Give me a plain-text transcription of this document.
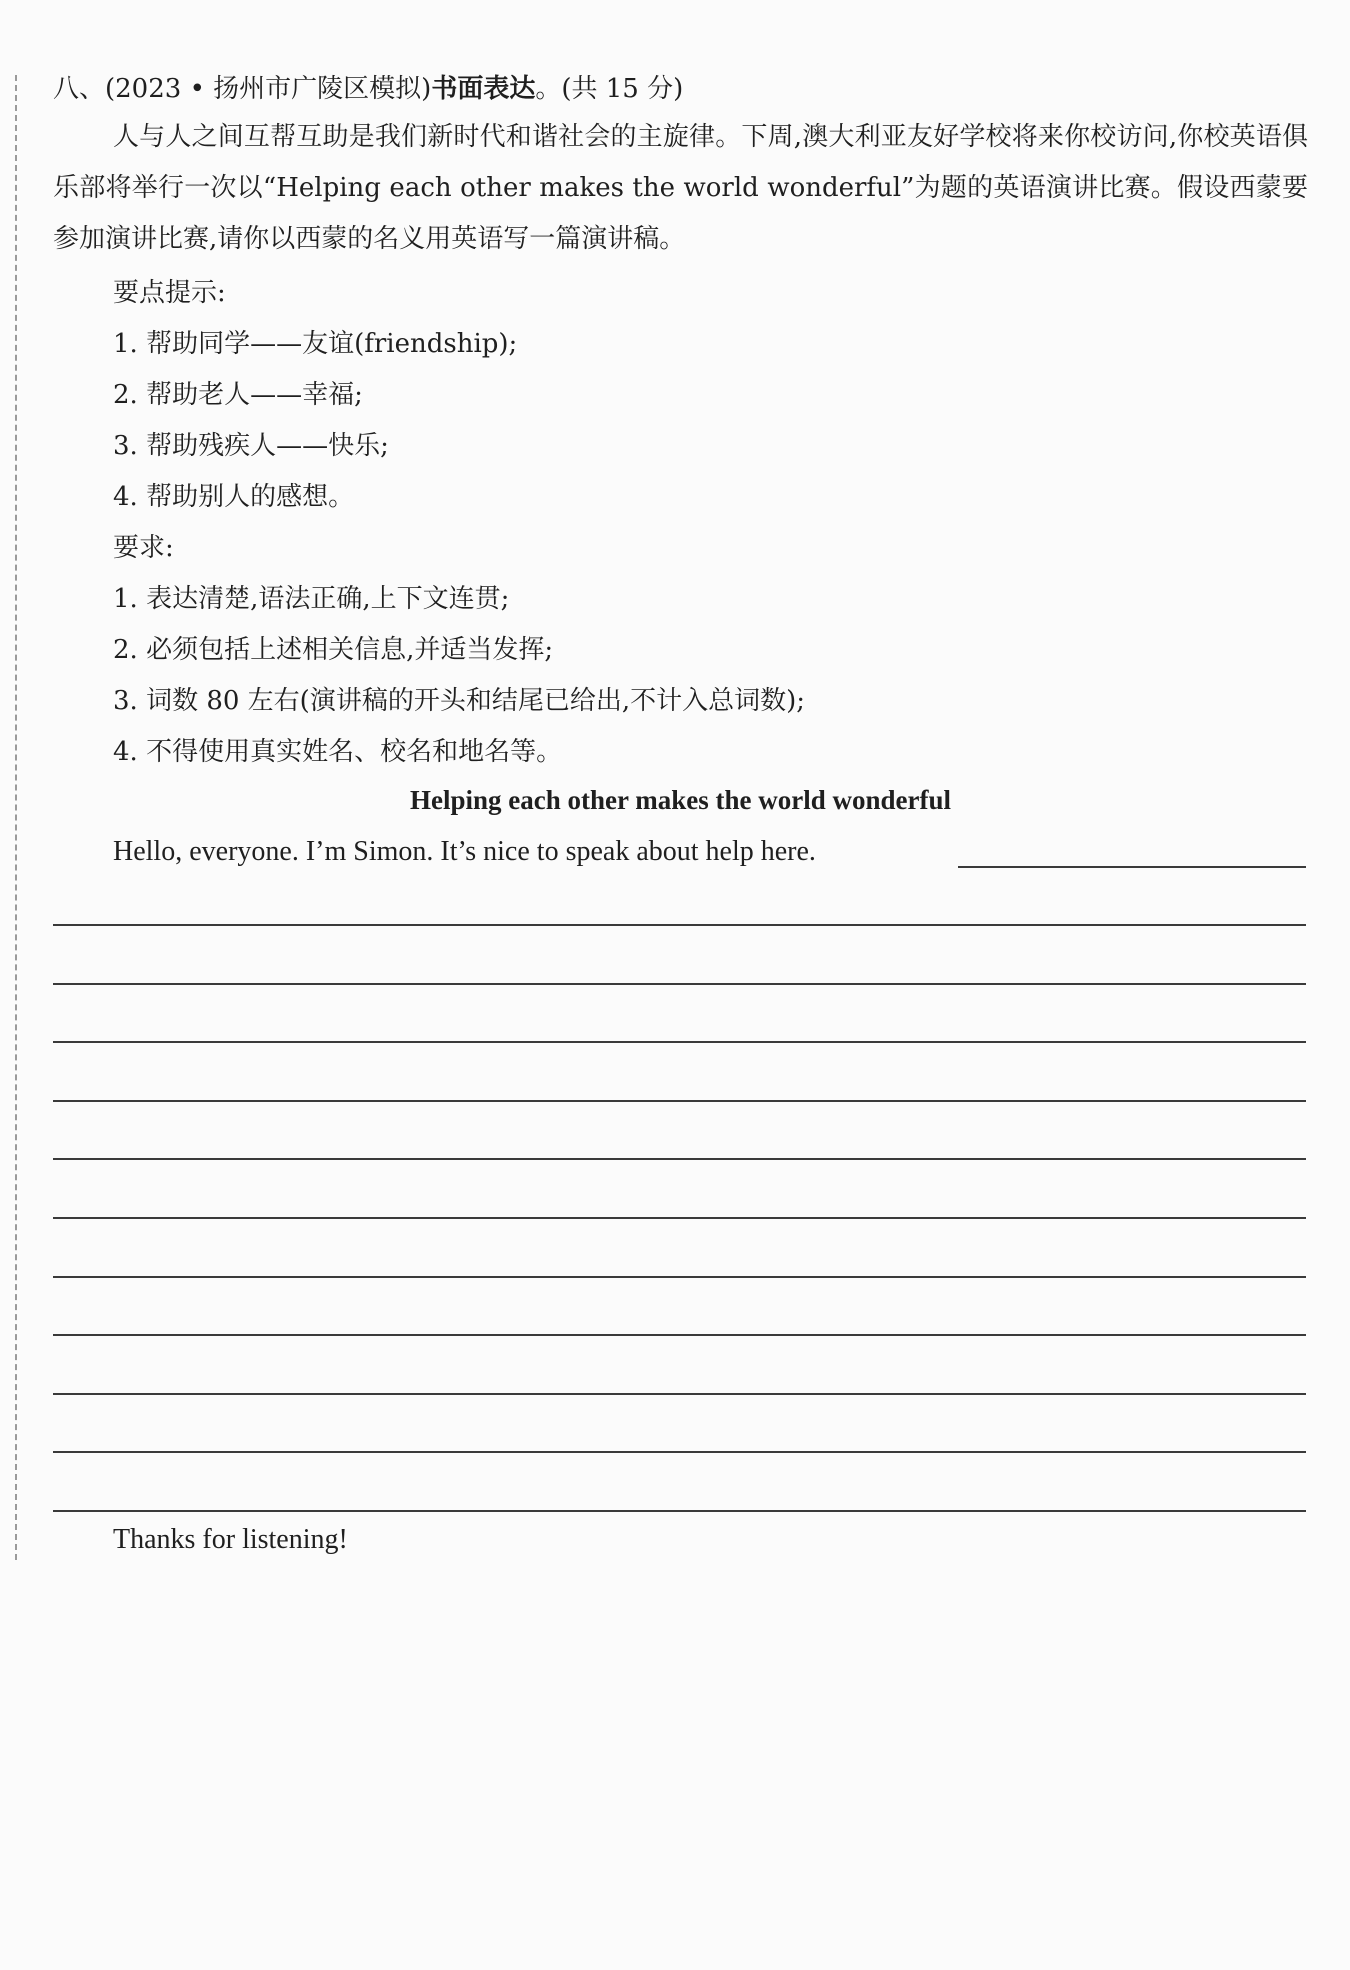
八、(2023 • 扬州市广陵区模拟)书面表达。(共 15 分)
人与人之间互帮互助是我们新时代和谐社会的主旋律。下周,澳大利亚友好学校将来你校访问,你校英语俱乐部将举行一次以“Helping each other makes the world wonderful”为题的英语演讲比赛。假设西蒙要参加演讲比赛,请你以西蒙的名义用英语写一篇演讲稿。
要点提示:
1. 帮助同学——友谊(friendship);
2. 帮助老人——幸福;
3. 帮助残疾人——快乐;
4. 帮助别人的感想。
要求:
1. 表达清楚,语法正确,上下文连贯;
2. 必须包括上述相关信息,并适当发挥;
3. 词数 80 左右(演讲稿的开头和结尾已给出,不计入总词数);
4. 不得使用真实姓名、校名和地名等。
Helping each other makes the world wonderful
Hello, everyone. I’m Simon. It’s nice to speak about help here.
Thanks for listening!
